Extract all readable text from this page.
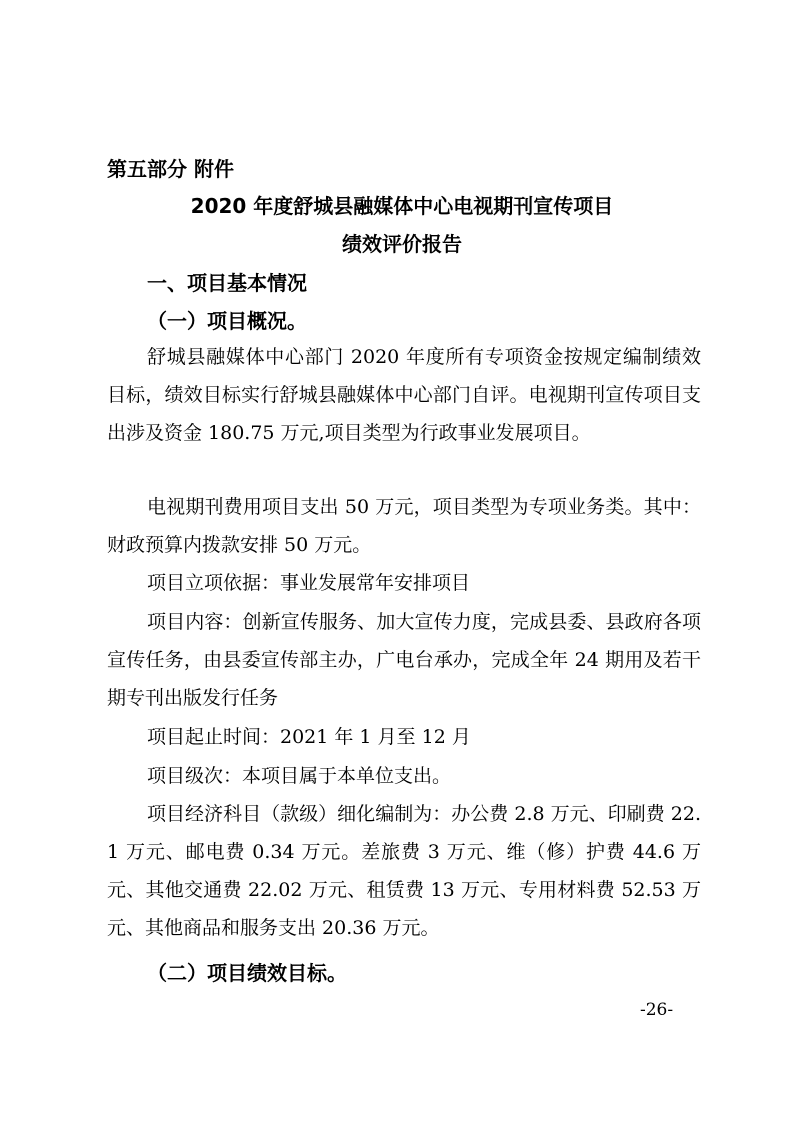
第五部分 附件
2020 年度舒城县融媒体中心电视期刊宣传项目
绩效评价报告
一、项目基本情况
（一）项目概况。

舒城县融媒体中心部门 2020 年度所有专项资金按规定编制绩效目标，绩效目标实行舒城县融媒体中心部门自评。电视期刊宣传项目支出涉及资金 180.75 万元,项目类型为行政事业发展项目。

电视期刊费用项目支出 50 万元，项目类型为专项业务类。其中：财政预算内拨款安排 50 万元。

项目立项依据：事业发展常年安排项目

项目内容：创新宣传服务、加大宣传力度，完成县委、县政府各项宣传任务，由县委宣传部主办，广电台承办，完成全年 24 期用及若干期专刊出版发行任务

项目起止时间：2021 年 1 月至 12 月

项目级次：本项目属于本单位支出。

项目经济科目（款级）细化编制为：办公费 2.8 万元、印刷费 22.1 万元、邮电费 0.34 万元。差旅费 3 万元、维（修）护费 44.6 万元、其他交通费 22.02 万元、租赁费 13 万元、专用材料费 52.53 万元、其他商品和服务支出 20.36 万元。

（二）项目绩效目标。
-26-
